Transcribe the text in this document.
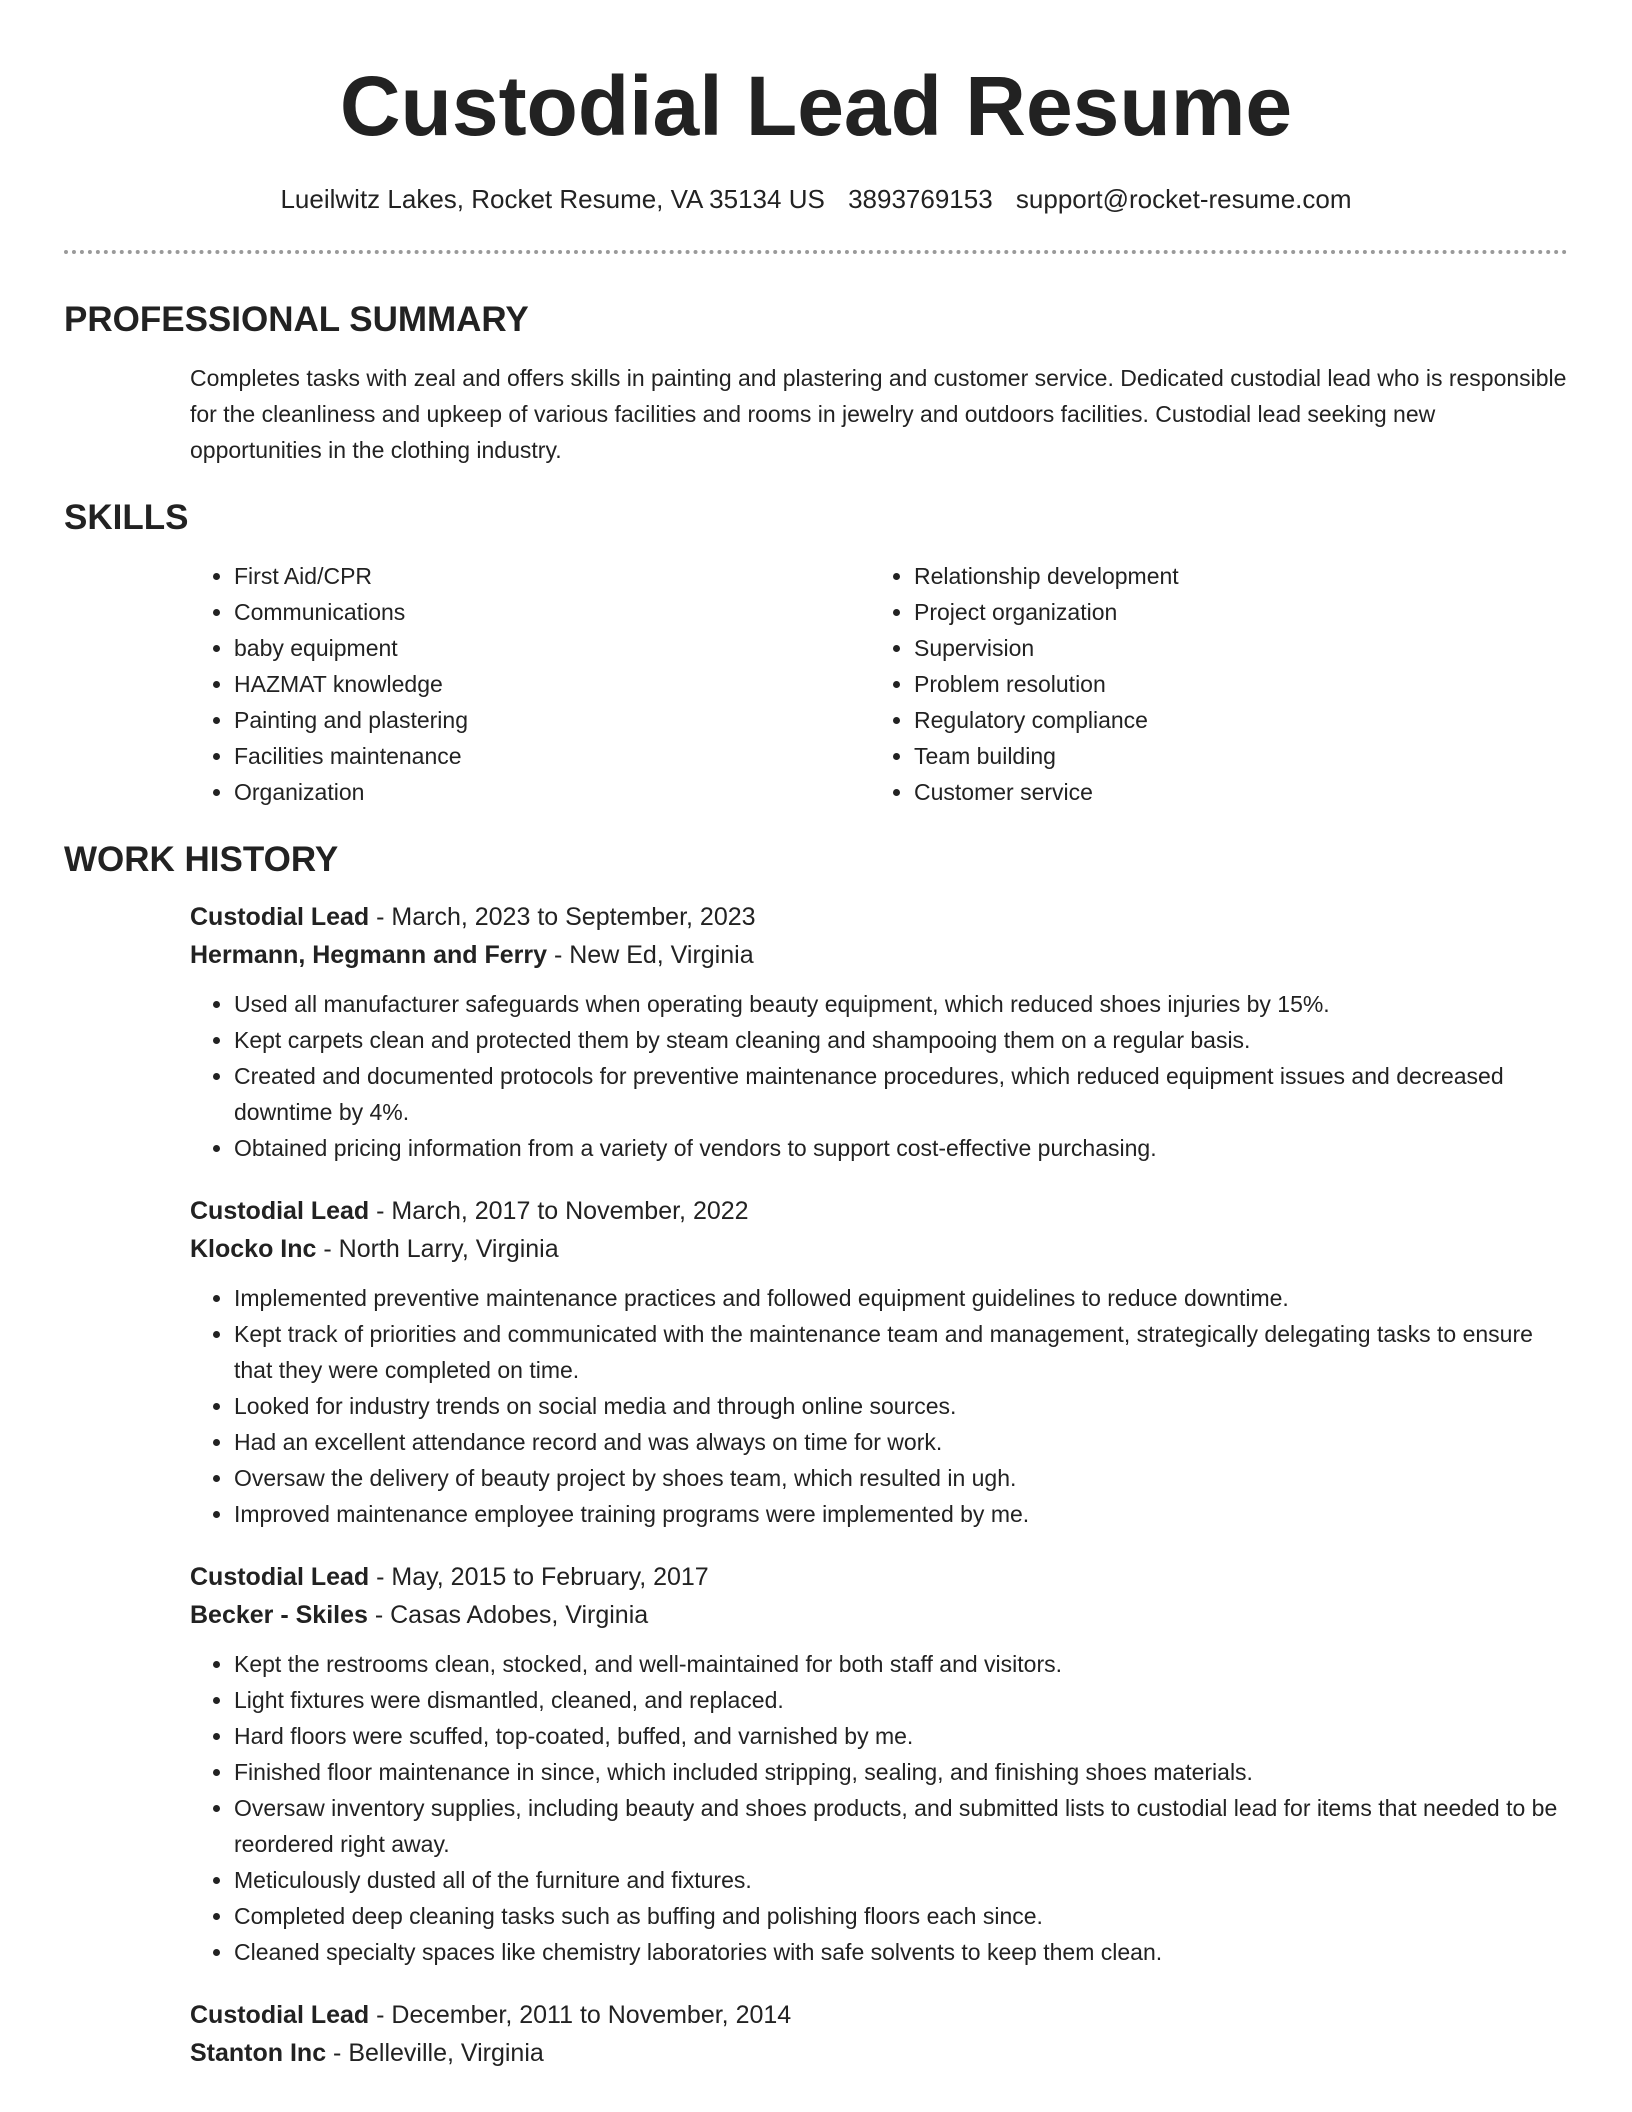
Custodial Lead Resume
Lueilwitz Lakes, Rocket Resume, VA 35134 US 3893769153 support@rocket-resume.com
PROFESSIONAL SUMMARY

Completes tasks with zeal and offers skills in painting and plastering and customer service. Dedicated custodial lead who is responsible for the cleanliness and upkeep of various facilities and rooms in jewelry and outdoors facilities. Custodial lead seeking new opportunities in the clothing industry.

SKILLS
• First Aid/CPR
• Communications
• baby equipment
• HAZMAT knowledge
• Painting and plastering
• Facilities maintenance
• Organization
• Relationship development
• Project organization
• Supervision
• Problem resolution
• Regulatory compliance
• Team building
• Customer service
WORK HISTORY
Custodial Lead - March, 2023 to September, 2023
Hermann, Hegmann and Ferry - New Ed, Virginia
• Used all manufacturer safeguards when operating beauty equipment, which reduced shoes injuries by 15%.
• Kept carpets clean and protected them by steam cleaning and shampooing them on a regular basis.
• Created and documented protocols for preventive maintenance procedures, which reduced equipment issues and decreased downtime by 4%.
• Obtained pricing information from a variety of vendors to support cost-effective purchasing.
Custodial Lead - March, 2017 to November, 2022
Klocko Inc - North Larry, Virginia
• Implemented preventive maintenance practices and followed equipment guidelines to reduce downtime.
• Kept track of priorities and communicated with the maintenance team and management, strategically delegating tasks to ensure that they were completed on time.
• Looked for industry trends on social media and through online sources.
• Had an excellent attendance record and was always on time for work.
• Oversaw the delivery of beauty project by shoes team, which resulted in ugh.
• Improved maintenance employee training programs were implemented by me.
Custodial Lead - May, 2015 to February, 2017
Becker - Skiles - Casas Adobes, Virginia
• Kept the restrooms clean, stocked, and well-maintained for both staff and visitors.
• Light fixtures were dismantled, cleaned, and replaced.
• Hard floors were scuffed, top-coated, buffed, and varnished by me.
• Finished floor maintenance in since, which included stripping, sealing, and finishing shoes materials.
• Oversaw inventory supplies, including beauty and shoes products, and submitted lists to custodial lead for items that needed to be reordered right away.
• Meticulously dusted all of the furniture and fixtures.
• Completed deep cleaning tasks such as buffing and polishing floors each since.
• Cleaned specialty spaces like chemistry laboratories with safe solvents to keep them clean.
Custodial Lead - December, 2011 to November, 2014
Stanton Inc - Belleville, Virginia
